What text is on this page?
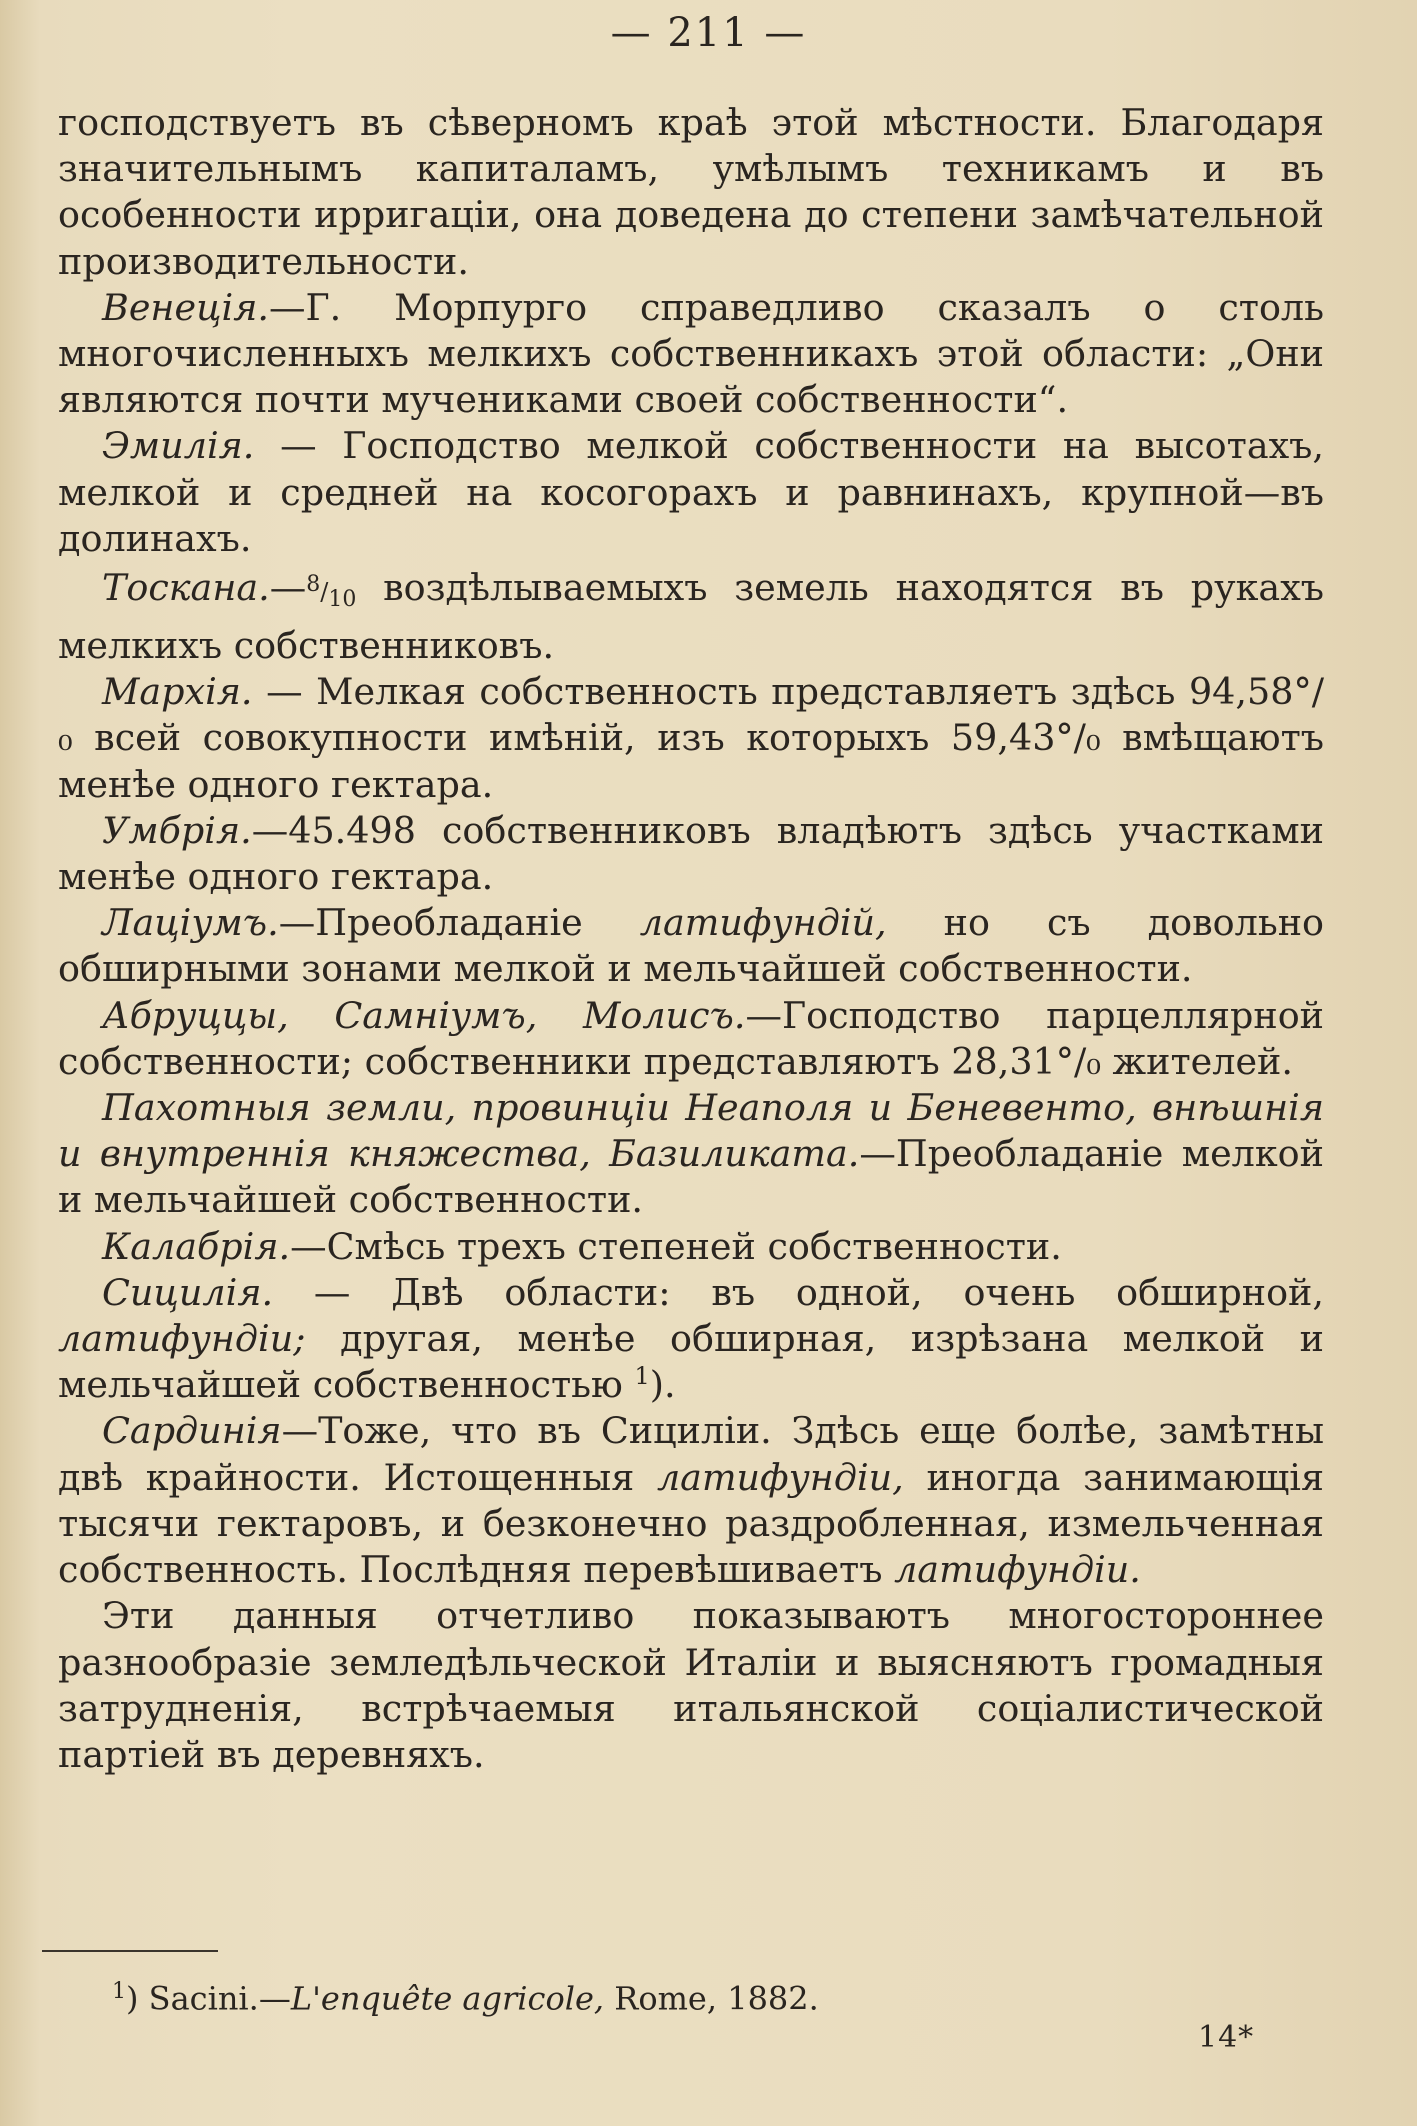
— 211 —

господствуетъ въ сѣверномъ краѣ этой мѣстности. Благодаря значительнымъ капиталамъ, умѣлымъ техникамъ и въ особенности ирригаціи, она доведена до степени замѣчательной производительности.

Венеція.—Г. Морпурго справедливо сказалъ о столь многочисленныхъ мелкихъ собственникахъ этой области: „Они являются почти мучениками своей собственности“.

Эмилія. — Господство мелкой собственности на высотахъ, мелкой и средней на косогорахъ и равнинахъ, крупной—въ долинахъ.

$Тоскана.—^8/_{10}$ воздѣлываемыхъ земель находятся въ рукахъ мелкихъ собственниковъ.

Мархія. — Мелкая собственность представляетъ здѣсь 94,58°/₀ всей совокупности имѣній, изъ которыхъ 59,43°/₀ вмѣщаютъ менѣе одного гектара.

Умбрія.—45.498 собственниковъ владѣютъ здѣсь участками менѣе одного гектара.

Лаціумъ.—Преобладаніе латифундій, но съ довольно обширными зонами мелкой и мельчайшей собственности.

Абруццы, Самніумъ, Молисъ.—Господство парцеллярной собственности; собственники представляютъ 28,31°/₀ жителей.

Пахотныя земли, провинціи Неаполя и Беневенто, внѣшнія и внутреннія княжества, Базиликата.—Преобладаніе мелкой и мельчайшей собственности.

Калабрія.—Смѣсь трехъ степеней собственности.

Сицилія. — Двѣ области: въ одной, очень обширной, латифундіи; другая, менѣе обширная, изрѣзана мелкой и мельчайшей собственностью $^1$).

Сардинія—Тоже, что въ Сициліи. Здѣсь еще болѣе, замѣтны двѣ крайности. Истощенныя латифундіи, иногда занимающія тысячи гектаровъ, и безконечно раздробленная, измельченная собственность. Послѣдняя перевѣшиваетъ латифундіи.

Эти данныя отчетливо показываютъ многостороннее разнообразіе земледѣльческой Италіи и выясняютъ громадныя затрудненія, встрѣчаемыя итальянской соціалистической партіей въ деревняхъ.

$^1$) Sacini.—L'enquête agricole, Rome, 1882.
14*
